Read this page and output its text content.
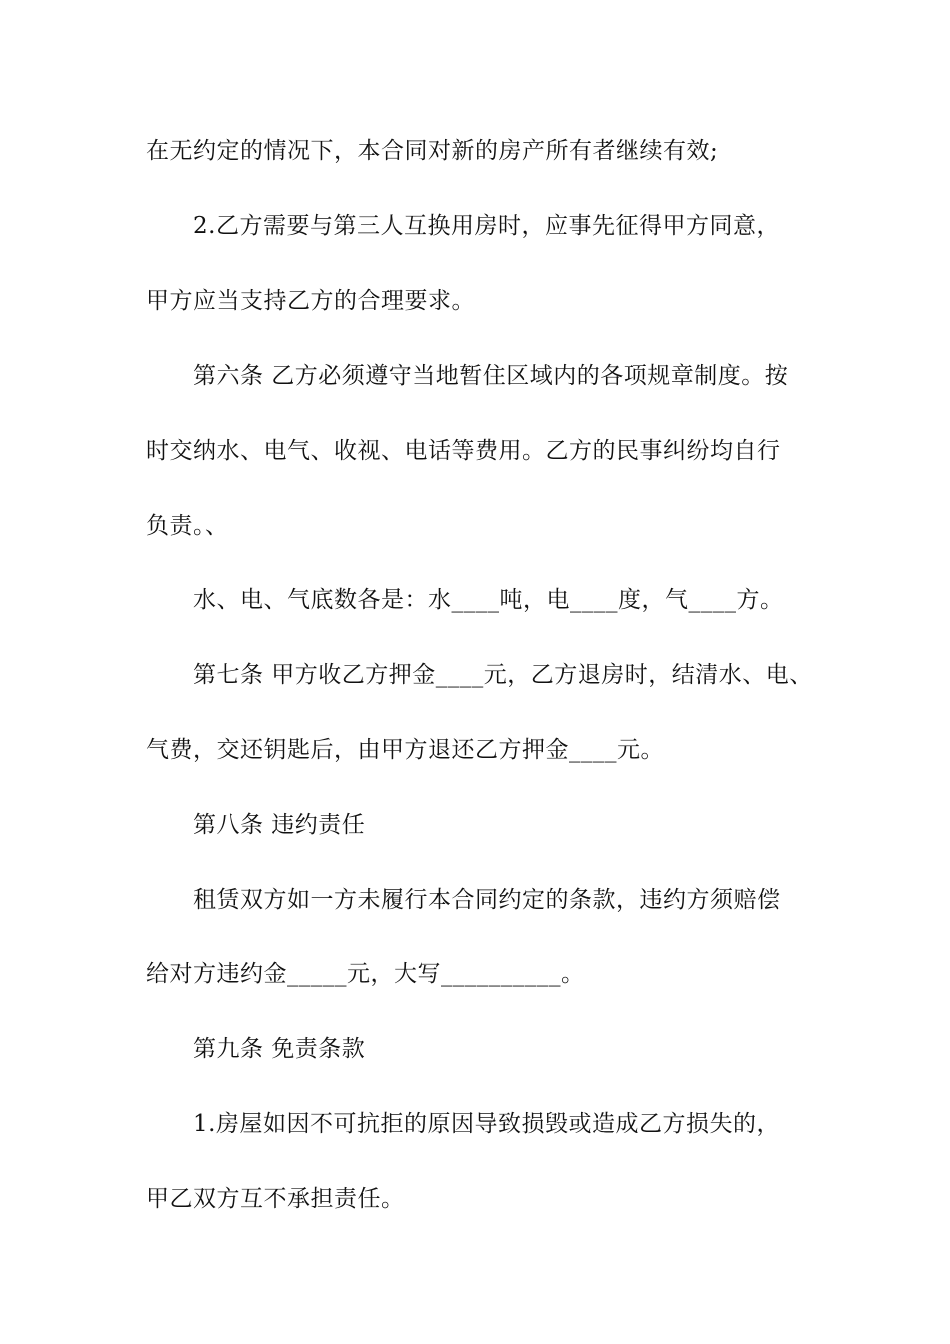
在无约定的情况下，本合同对新的房产所有者继续有效;
2.乙方需要与第三人互换用房时，应事先征得甲方同意，
甲方应当支持乙方的合理要求。
第六条 乙方必须遵守当地暂住区域内的各项规章制度。按
时交纳水、电气、收视、电话等费用。乙方的民事纠纷均自行
负责。、
水、电、气底数各是：水____吨，电____度，气____方。
第七条 甲方收乙方押金____元，乙方退房时，结清水、电、
气费，交还钥匙后，由甲方退还乙方押金____元。
第八条 违约责任
租赁双方如一方未履行本合同约定的条款，违约方须赔偿
给对方违约金_____元，大写__________。
第九条 免责条款
1.房屋如因不可抗拒的原因导致损毁或造成乙方损失的，
甲乙双方互不承担责任。
